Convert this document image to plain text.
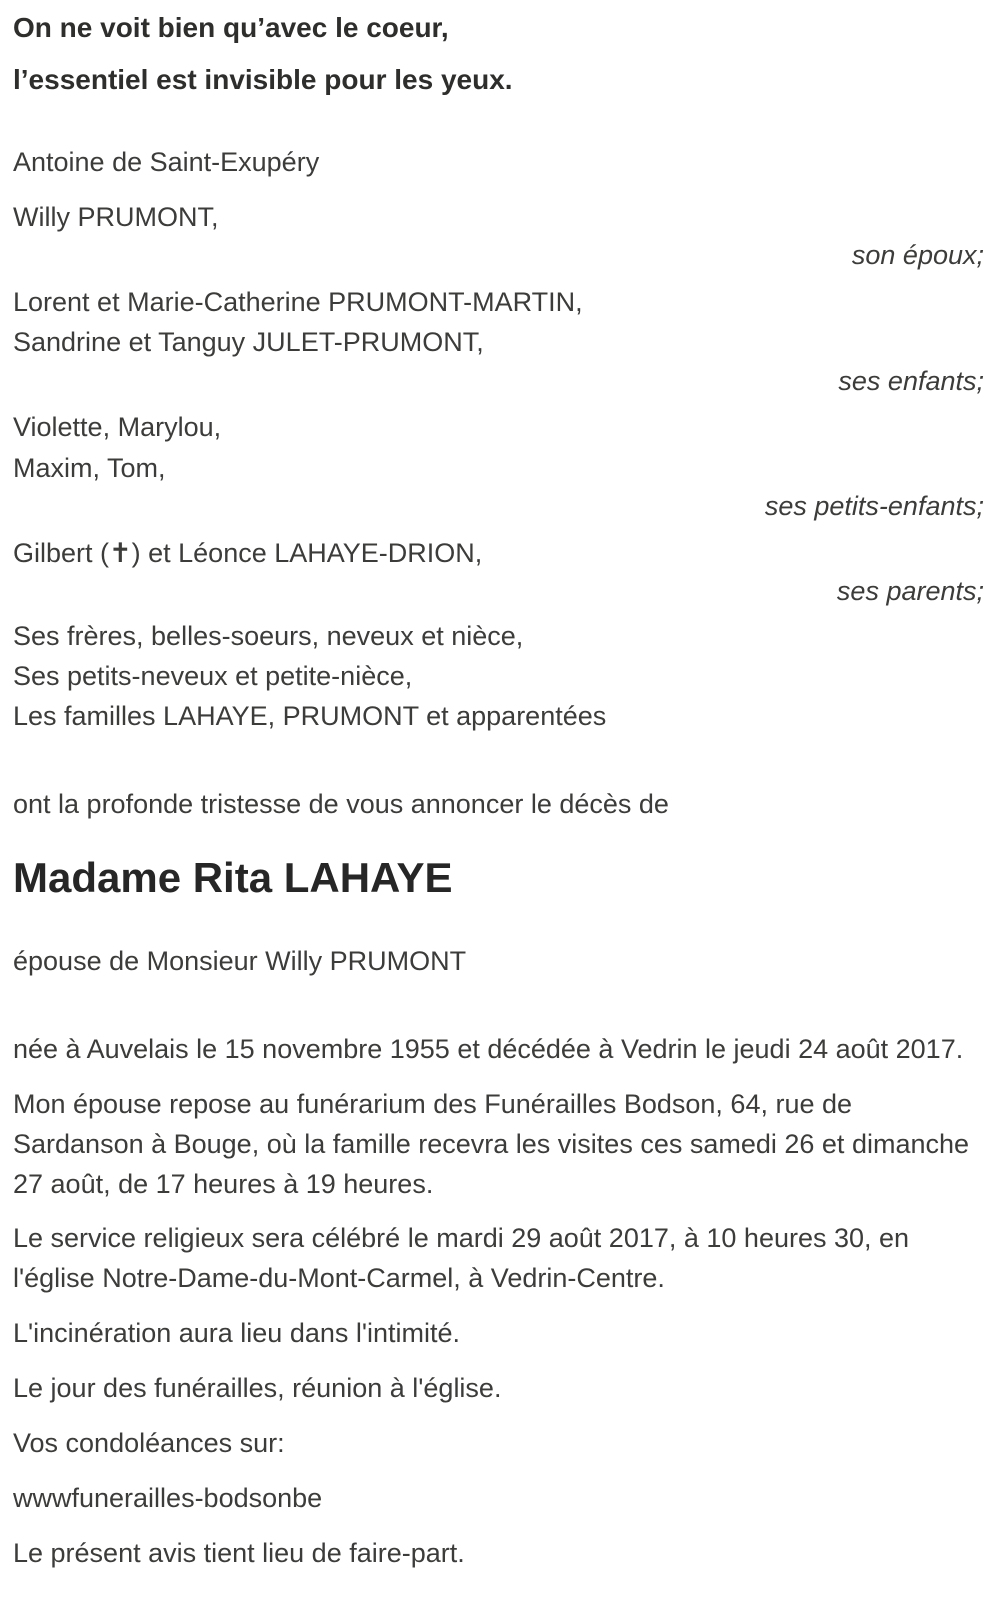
On ne voit bien qu’avec le coeur,

l’essentiel est invisible pour les yeux.

Antoine de Saint-Exupéry

Willy PRUMONT,

son époux;

Lorent et Marie-Catherine PRUMONT-MARTIN,

Sandrine et Tanguy JULET-PRUMONT,

ses enfants;

Violette, Marylou,

Maxim, Tom,

ses petits-enfants;

Gilbert (✝) et Léonce LAHAYE-DRION,

ses parents;

Ses frères, belles-soeurs, neveux et nièce,

Ses petits-neveux et petite-nièce,

Les familles LAHAYE, PRUMONT et apparentées

ont la profonde tristesse de vous annoncer le décès de

Madame Rita LAHAYE

épouse de Monsieur Willy PRUMONT

née à Auvelais le 15 novembre 1955 et décédée à Vedrin le jeudi 24 août 2017.

Mon épouse repose au funérarium des Funérailles Bodson, 64, rue de Sardanson à Bouge, où la famille recevra les visites ces samedi 26 et dimanche 27 août, de 17 heures à 19 heures.

Le service religieux sera célébré le mardi 29 août 2017, à 10 heures 30, en l'église Notre-Dame-du-Mont-Carmel, à Vedrin-Centre.

L'incinération aura lieu dans l'intimité.

Le jour des funérailles, réunion à l'église.

Vos condoléances sur:

wwwfunerailles-bodsonbe

Le présent avis tient lieu de faire-part.
